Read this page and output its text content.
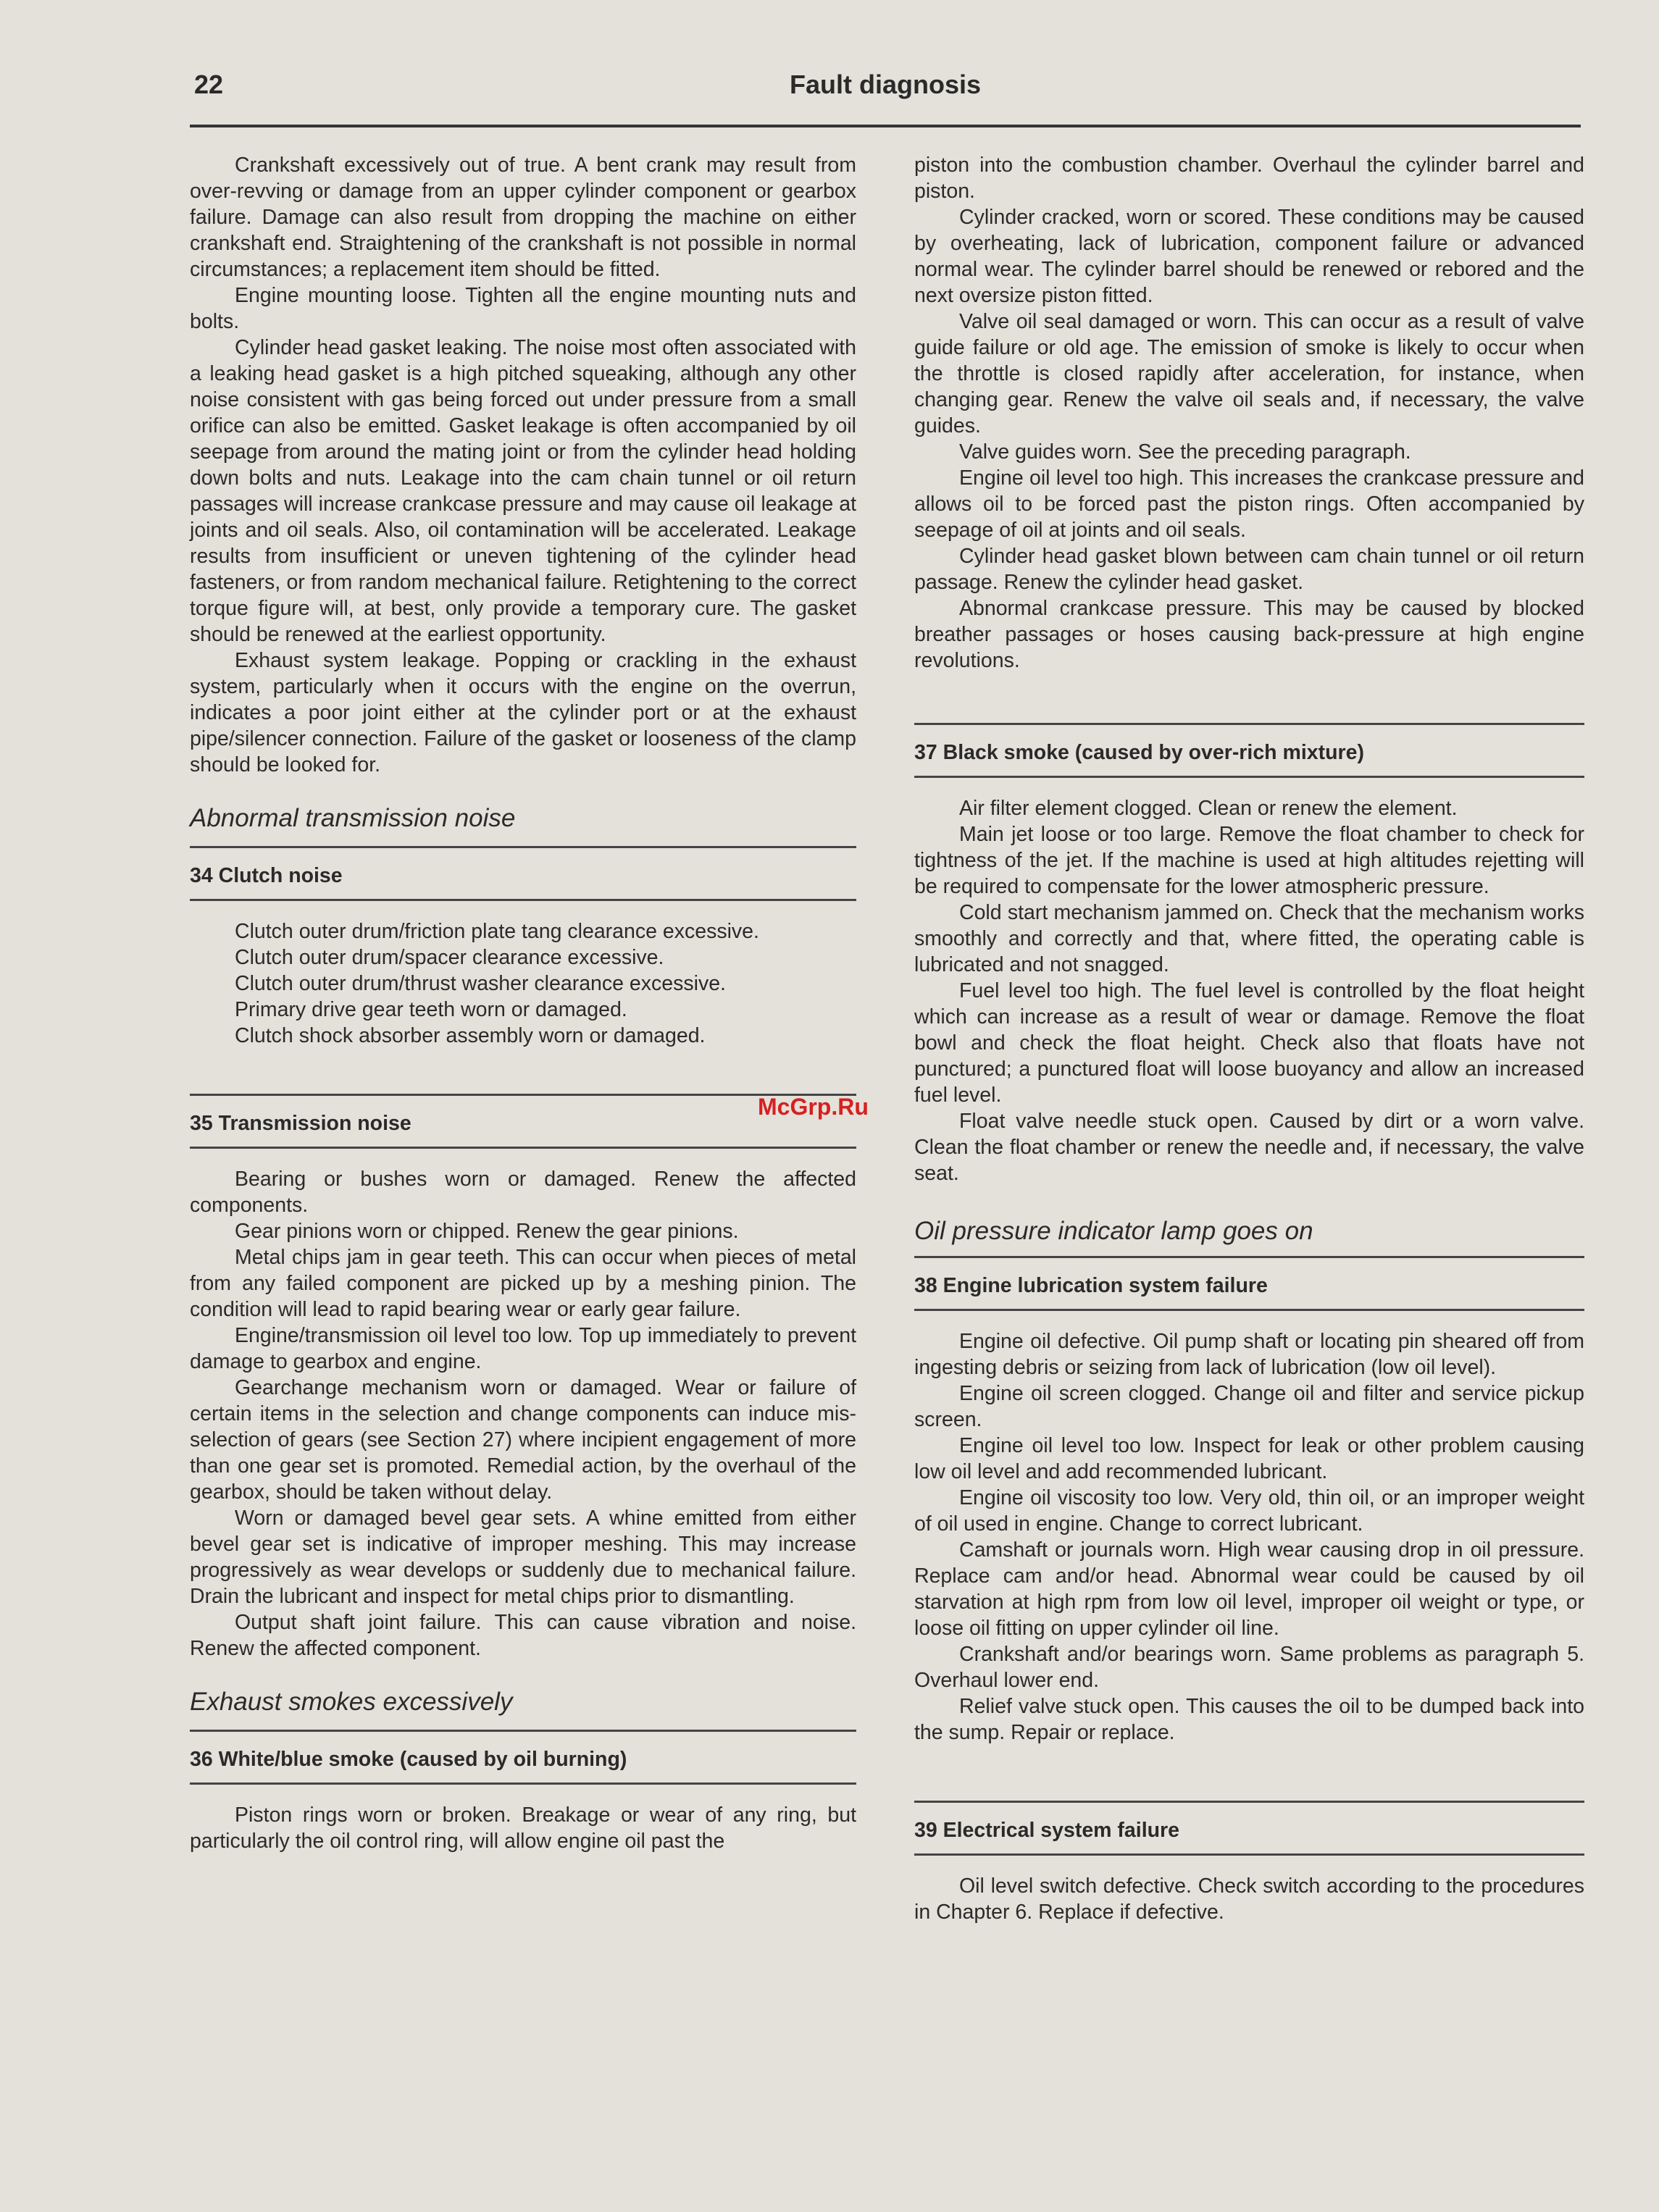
22	Fault diagnosis

Crankshaft excessively out of true. A bent crank may result from over-revving or damage from an upper cylinder component or gearbox failure. Damage can also result from dropping the machine on either crankshaft end. Straightening of the crankshaft is not possible in normal circumstances; a replacement item should be fitted.

Engine mounting loose. Tighten all the engine mounting nuts and bolts.

Cylinder head gasket leaking. The noise most often associated with a leaking head gasket is a high pitched squeaking, although any other noise consistent with gas being forced out under pressure from a small orifice can also be emitted. Gasket leakage is often accompanied by oil seepage from around the mating joint or from the cylinder head holding down bolts and nuts. Leakage into the cam chain tunnel or oil return passages will increase crankcase pressure and may cause oil leakage at joints and oil seals. Also, oil contamination will be accelerated. Leakage results from insufficient or uneven tightening of the cylinder head fasteners, or from random mechanical failure. Retightening to the correct torque figure will, at best, only provide a temporary cure. The gasket should be renewed at the earliest opportunity.

Exhaust system leakage. Popping or crackling in the exhaust system, particularly when it occurs with the engine on the overrun, indicates a poor joint either at the cylinder port or at the exhaust pipe/silencer connection. Failure of the gasket or looseness of the clamp should be looked for.

Abnormal transmission noise
34 Clutch noise
Clutch outer drum/friction plate tang clearance excessive.
Clutch outer drum/spacer clearance excessive.
Clutch outer drum/thrust washer clearance excessive.
Primary drive gear teeth worn or damaged.
Clutch shock absorber assembly worn or damaged.
35 Transmission noise

Bearing or bushes worn or damaged. Renew the affected components.

Gear pinions worn or chipped. Renew the gear pinions.

Metal chips jam in gear teeth. This can occur when pieces of metal from any failed component are picked up by a meshing pinion. The condition will lead to rapid bearing wear or early gear failure.

Engine/transmission oil level too low. Top up immediately to prevent damage to gearbox and engine.

Gearchange mechanism worn or damaged. Wear or failure of certain items in the selection and change components can induce mis-selection of gears (see Section 27) where incipient engagement of more than one gear set is promoted. Remedial action, by the overhaul of the gearbox, should be taken without delay.

Worn or damaged bevel gear sets. A whine emitted from either bevel gear set is indicative of improper meshing. This may increase progressively as wear develops or suddenly due to mechanical failure. Drain the lubricant and inspect for metal chips prior to dismantling.

Output shaft joint failure. This can cause vibration and noise. Renew the affected component.

Exhaust smokes excessively
36 White/blue smoke (caused by oil burning)

Piston rings worn or broken. Breakage or wear of any ring, but particularly the oil control ring, will allow engine oil past the

piston into the combustion chamber. Overhaul the cylinder barrel and piston.

Cylinder cracked, worn or scored. These conditions may be caused by overheating, lack of lubrication, component failure or advanced normal wear. The cylinder barrel should be renewed or rebored and the next oversize piston fitted.

Valve oil seal damaged or worn. This can occur as a result of valve guide failure or old age. The emission of smoke is likely to occur when the throttle is closed rapidly after acceleration, for instance, when changing gear. Renew the valve oil seals and, if necessary, the valve guides.

Valve guides worn. See the preceding paragraph.

Engine oil level too high. This increases the crankcase pressure and allows oil to be forced past the piston rings. Often accompanied by seepage of oil at joints and oil seals.

Cylinder head gasket blown between cam chain tunnel or oil return passage. Renew the cylinder head gasket.

Abnormal crankcase pressure. This may be caused by blocked breather passages or hoses causing back-pressure at high engine revolutions.

37 Black smoke (caused by over-rich mixture)

Air filter element clogged. Clean or renew the element.

Main jet loose or too large. Remove the float chamber to check for tightness of the jet. If the machine is used at high altitudes rejetting will be required to compensate for the lower atmospheric pressure.

Cold start mechanism jammed on. Check that the mechanism works smoothly and correctly and that, where fitted, the operating cable is lubricated and not snagged.

Fuel level too high. The fuel level is controlled by the float height which can increase as a result of wear or damage. Remove the float bowl and check the float height. Check also that floats have not punctured; a punctured float will loose buoyancy and allow an increased fuel level.

Float valve needle stuck open. Caused by dirt or a worn valve. Clean the float chamber or renew the needle and, if necessary, the valve seat.

Oil pressure indicator lamp goes on
38 Engine lubrication system failure

Engine oil defective. Oil pump shaft or locating pin sheared off from ingesting debris or seizing from lack of lubrication (low oil level).

Engine oil screen clogged. Change oil and filter and service pickup screen.

Engine oil level too low. Inspect for leak or other problem causing low oil level and add recommended lubricant.

Engine oil viscosity too low. Very old, thin oil, or an improper weight of oil used in engine. Change to correct lubricant.

Camshaft or journals worn. High wear causing drop in oil pressure. Replace cam and/or head. Abnormal wear could be caused by oil starvation at high rpm from low oil level, improper oil weight or type, or loose oil fitting on upper cylinder oil line.

Crankshaft and/or bearings worn. Same problems as paragraph 5. Overhaul lower end.

Relief valve stuck open. This causes the oil to be dumped back into the sump. Repair or replace.

39 Electrical system failure

Oil level switch defective. Check switch according to the procedures in Chapter 6. Replace if defective.

McGrp.Ru
